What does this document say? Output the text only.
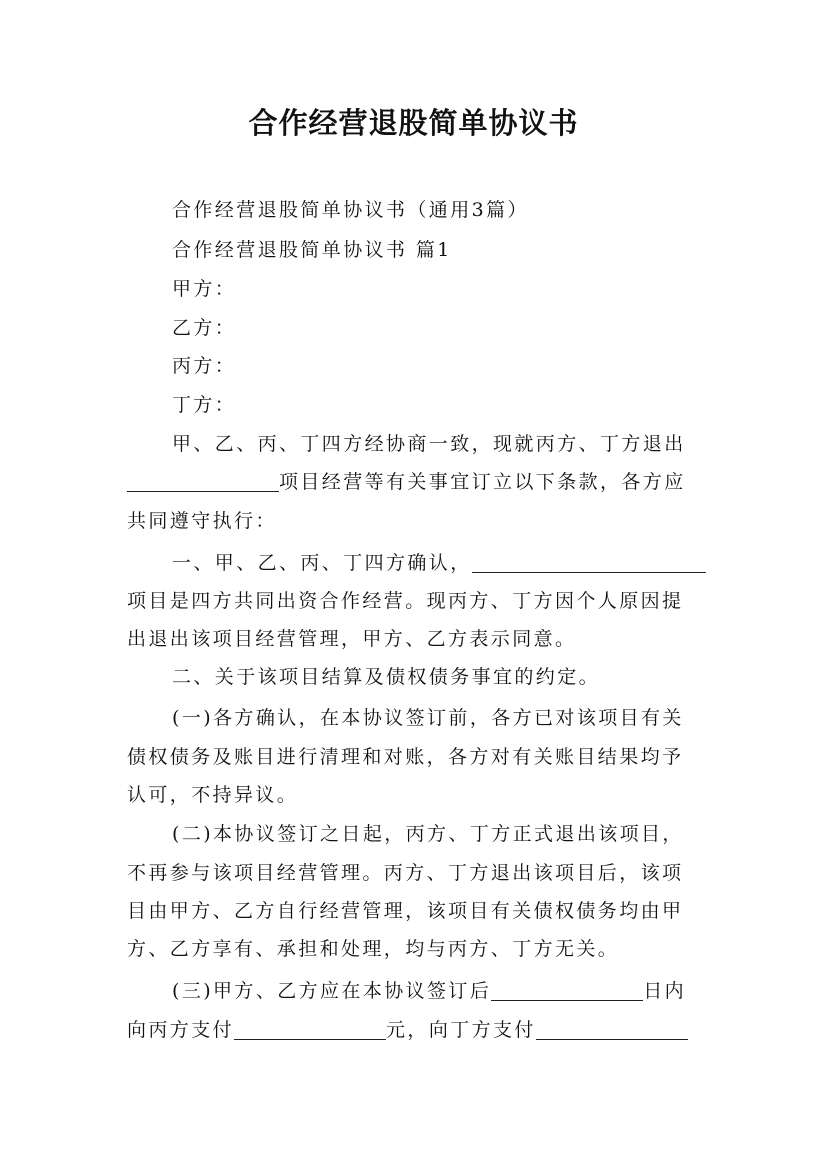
合作经营退股简单协议书
合作经营退股简单协议书（通用3篇）
合作经营退股简单协议书 篇1
甲方：
乙方：
丙方：
丁方：
甲、乙、丙、丁四方经协商一致，现就丙方、丁方退出
项目经营等有关事宜订立以下条款，各方应
共同遵守执行：
一、甲、乙、丙、丁四方确认，
项目是四方共同出资合作经营。现丙方、丁方因个人原因提
出退出该项目经营管理，甲方、乙方表示同意。
二、关于该项目结算及债权债务事宜的约定。
(一)各方确认，在本协议签订前，各方已对该项目有关
债权债务及账目进行清理和对账，各方对有关账目结果均予
认可，不持异议。
(二)本协议签订之日起，丙方、丁方正式退出该项目，
不再参与该项目经营管理。丙方、丁方退出该项目后，该项
目由甲方、乙方自行经营管理，该项目有关债权债务均由甲
方、乙方享有、承担和处理，均与丙方、丁方无关。
(三)甲方、乙方应在本协议签订后	日内
向丙方支付	元，向丁方支付
